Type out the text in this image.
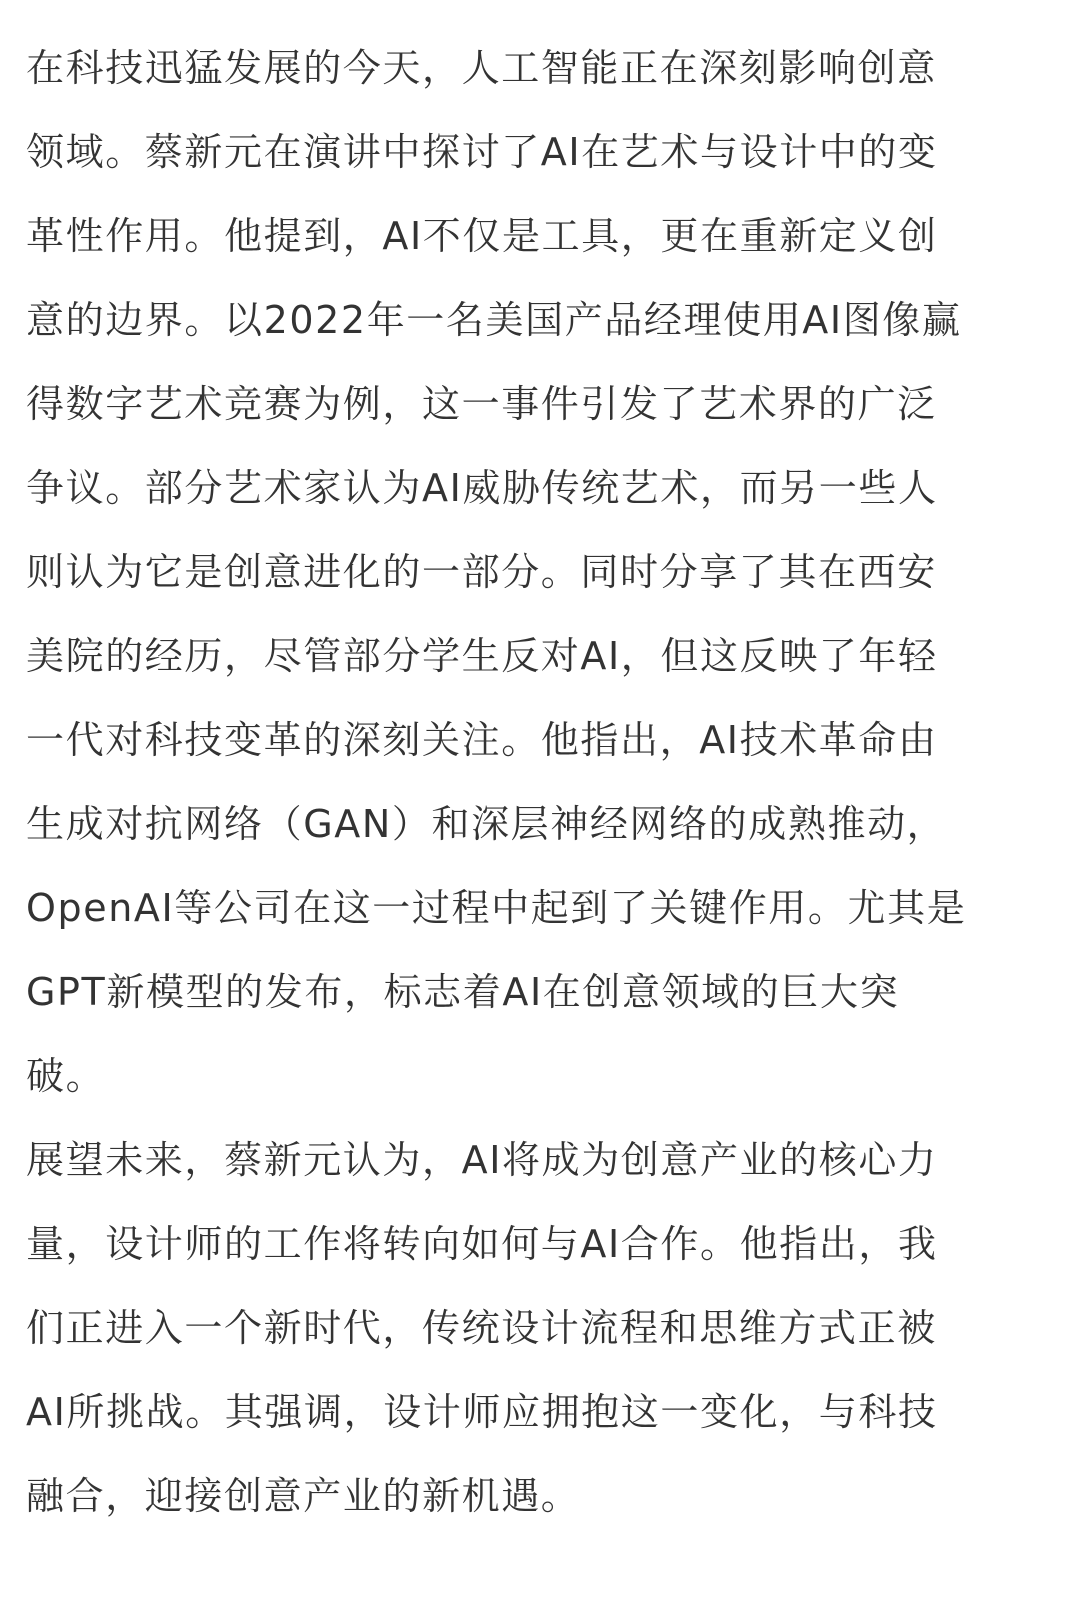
在科技迅猛发展的今天，人工智能正在深刻影响创意
领域。蔡新元在演讲中探讨了AI在艺术与设计中的变
革性作用。他提到，AI不仅是工具，更在重新定义创
意的边界。以2022年一名美国产品经理使用AI图像赢
得数字艺术竞赛为例，这一事件引发了艺术界的广泛
争议。部分艺术家认为AI威胁传统艺术，而另一些人
则认为它是创意进化的一部分。同时分享了其在西安
美院的经历，尽管部分学生反对AI，但这反映了年轻
一代对科技变革的深刻关注。他指出，AI技术革命由
生成对抗网络（GAN）和深层神经网络的成熟推动，
OpenAI等公司在这一过程中起到了关键作用。尤其是
GPT新模型的发布，标志着AI在创意领域的巨大突
破。
展望未来，蔡新元认为，AI将成为创意产业的核心力
量，设计师的工作将转向如何与AI合作。他指出，我
们正进入一个新时代，传统设计流程和思维方式正被
AI所挑战。其强调，设计师应拥抱这一变化，与科技
融合，迎接创意产业的新机遇。
